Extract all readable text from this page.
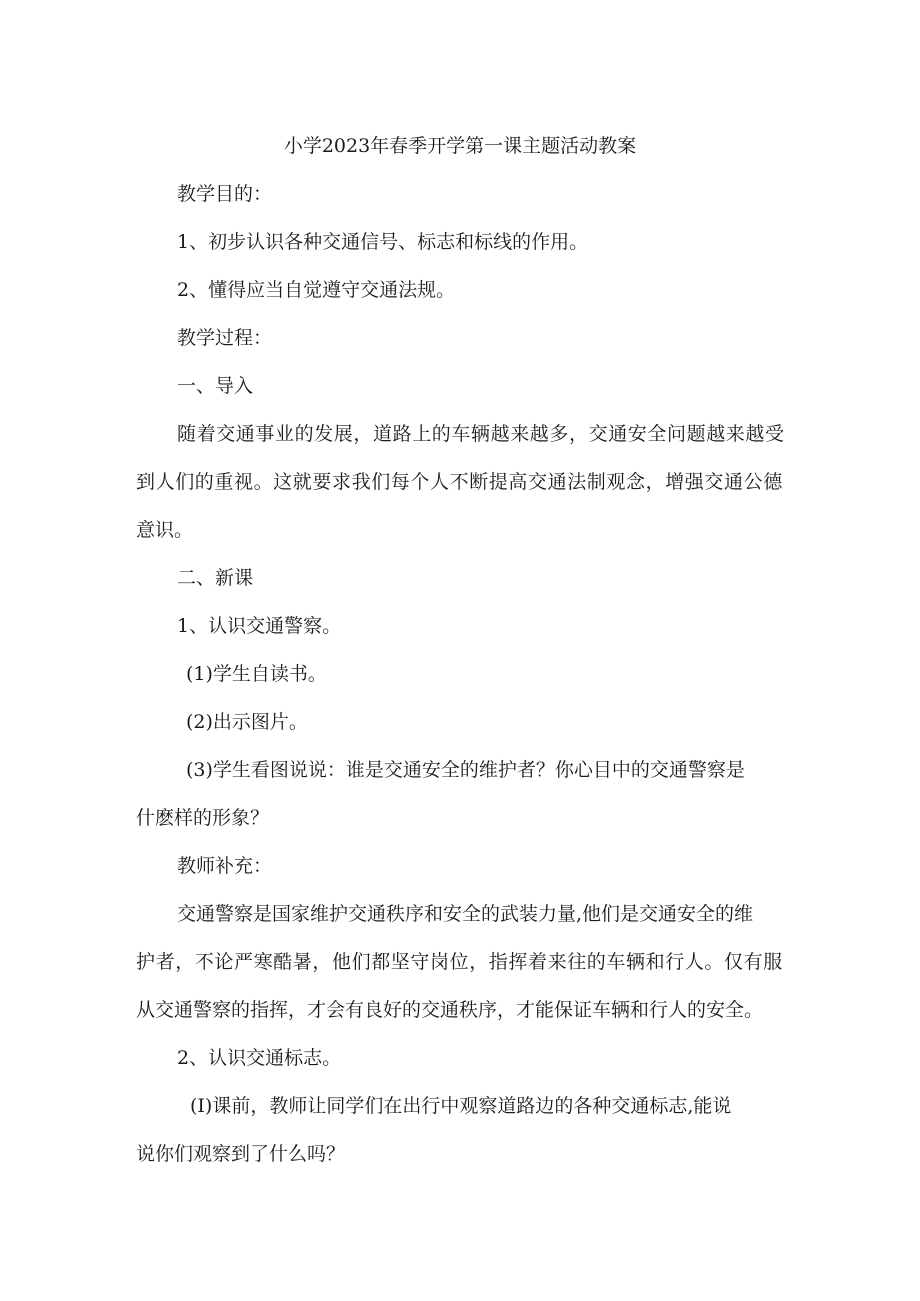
小学2023年春季开学第一课主题活动教案
教学目的：
1、初步认识各种交通信号、标志和标线的作用。
2、懂得应当自觉遵守交通法规。
教学过程：
一、导入
随着交通事业的发展，道路上的车辆越来越多，交通安全问题越来越受
到人们的重视。这就要求我们每个人不断提高交通法制观念，增强交通公德
意识。
二、新课
1、认识交通警察。
(1)学生自读书。
(2)出示图片。
(3)学生看图说说：谁是交通安全的维护者？你心目中的交通警察是
什麽样的形象？
教师补充：
交通警察是国家维护交通秩序和安全的武装力量,他们是交通安全的维
护者，不论严寒酷暑，他们都坚守岗位，指挥着来往的车辆和行人。仅有服
从交通警察的指挥，才会有良好的交通秩序，才能保证车辆和行人的安全。
2、认识交通标志。
(I)课前，教师让同学们在出行中观察道路边的各种交通标志,能说
说你们观察到了什么吗？
